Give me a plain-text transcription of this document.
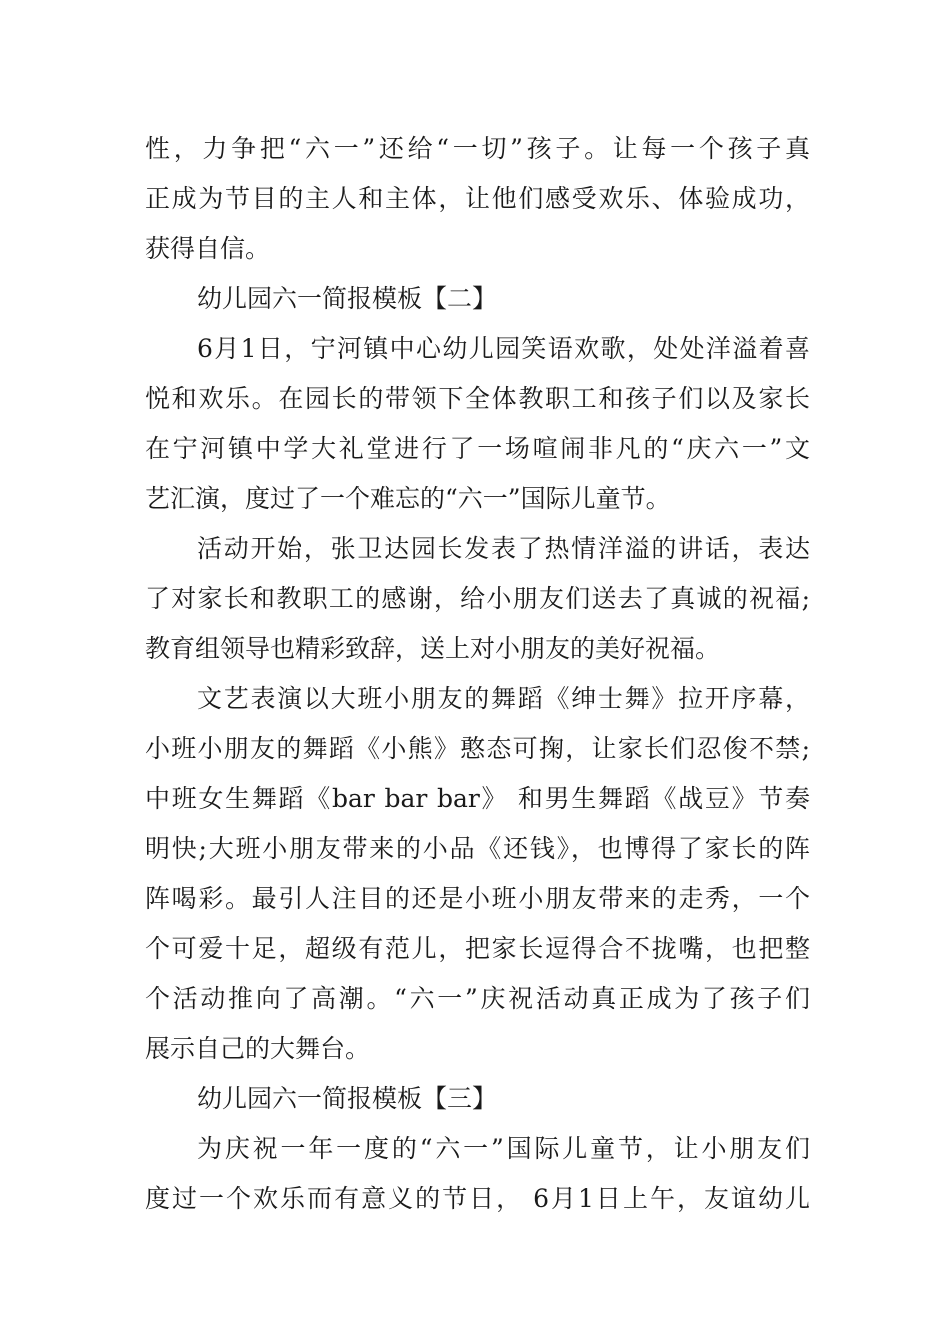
性，力争把“六一”还给“一切”孩子。让每一个孩子真
正成为节目的主人和主体，让他们感受欢乐、体验成功，
获得自信。
幼儿园六一简报模板【二】
6月1日，宁河镇中心幼儿园笑语欢歌，处处洋溢着喜
悦和欢乐。在园长的带领下全体教职工和孩子们以及家长
在宁河镇中学大礼堂进行了一场喧闹非凡的“庆六一”文
艺汇演，度过了一个难忘的“六一”国际儿童节。
活动开始，张卫达园长发表了热情洋溢的讲话，表达
了对家长和教职工的感谢，给小朋友们送去了真诚的祝福;
教育组领导也精彩致辞，送上对小朋友的美好祝福。
文艺表演以大班小朋友的舞蹈《绅士舞》拉开序幕，
小班小朋友的舞蹈《小熊》憨态可掬，让家长们忍俊不禁;
中班女生舞蹈《bar bar bar》 和男生舞蹈《战豆》节奏
明快;大班小朋友带来的小品《还钱》，也博得了家长的阵
阵喝彩。最引人注目的还是小班小朋友带来的走秀，一个
个可爱十足，超级有范儿，把家长逗得合不拢嘴，也把整
个活动推向了高潮。“六一”庆祝活动真正成为了孩子们
展示自己的大舞台。
幼儿园六一简报模板【三】
为庆祝一年一度的“六一”国际儿童节，让小朋友们
度过一个欢乐而有意义的节日， 6月1日上午，友谊幼儿
